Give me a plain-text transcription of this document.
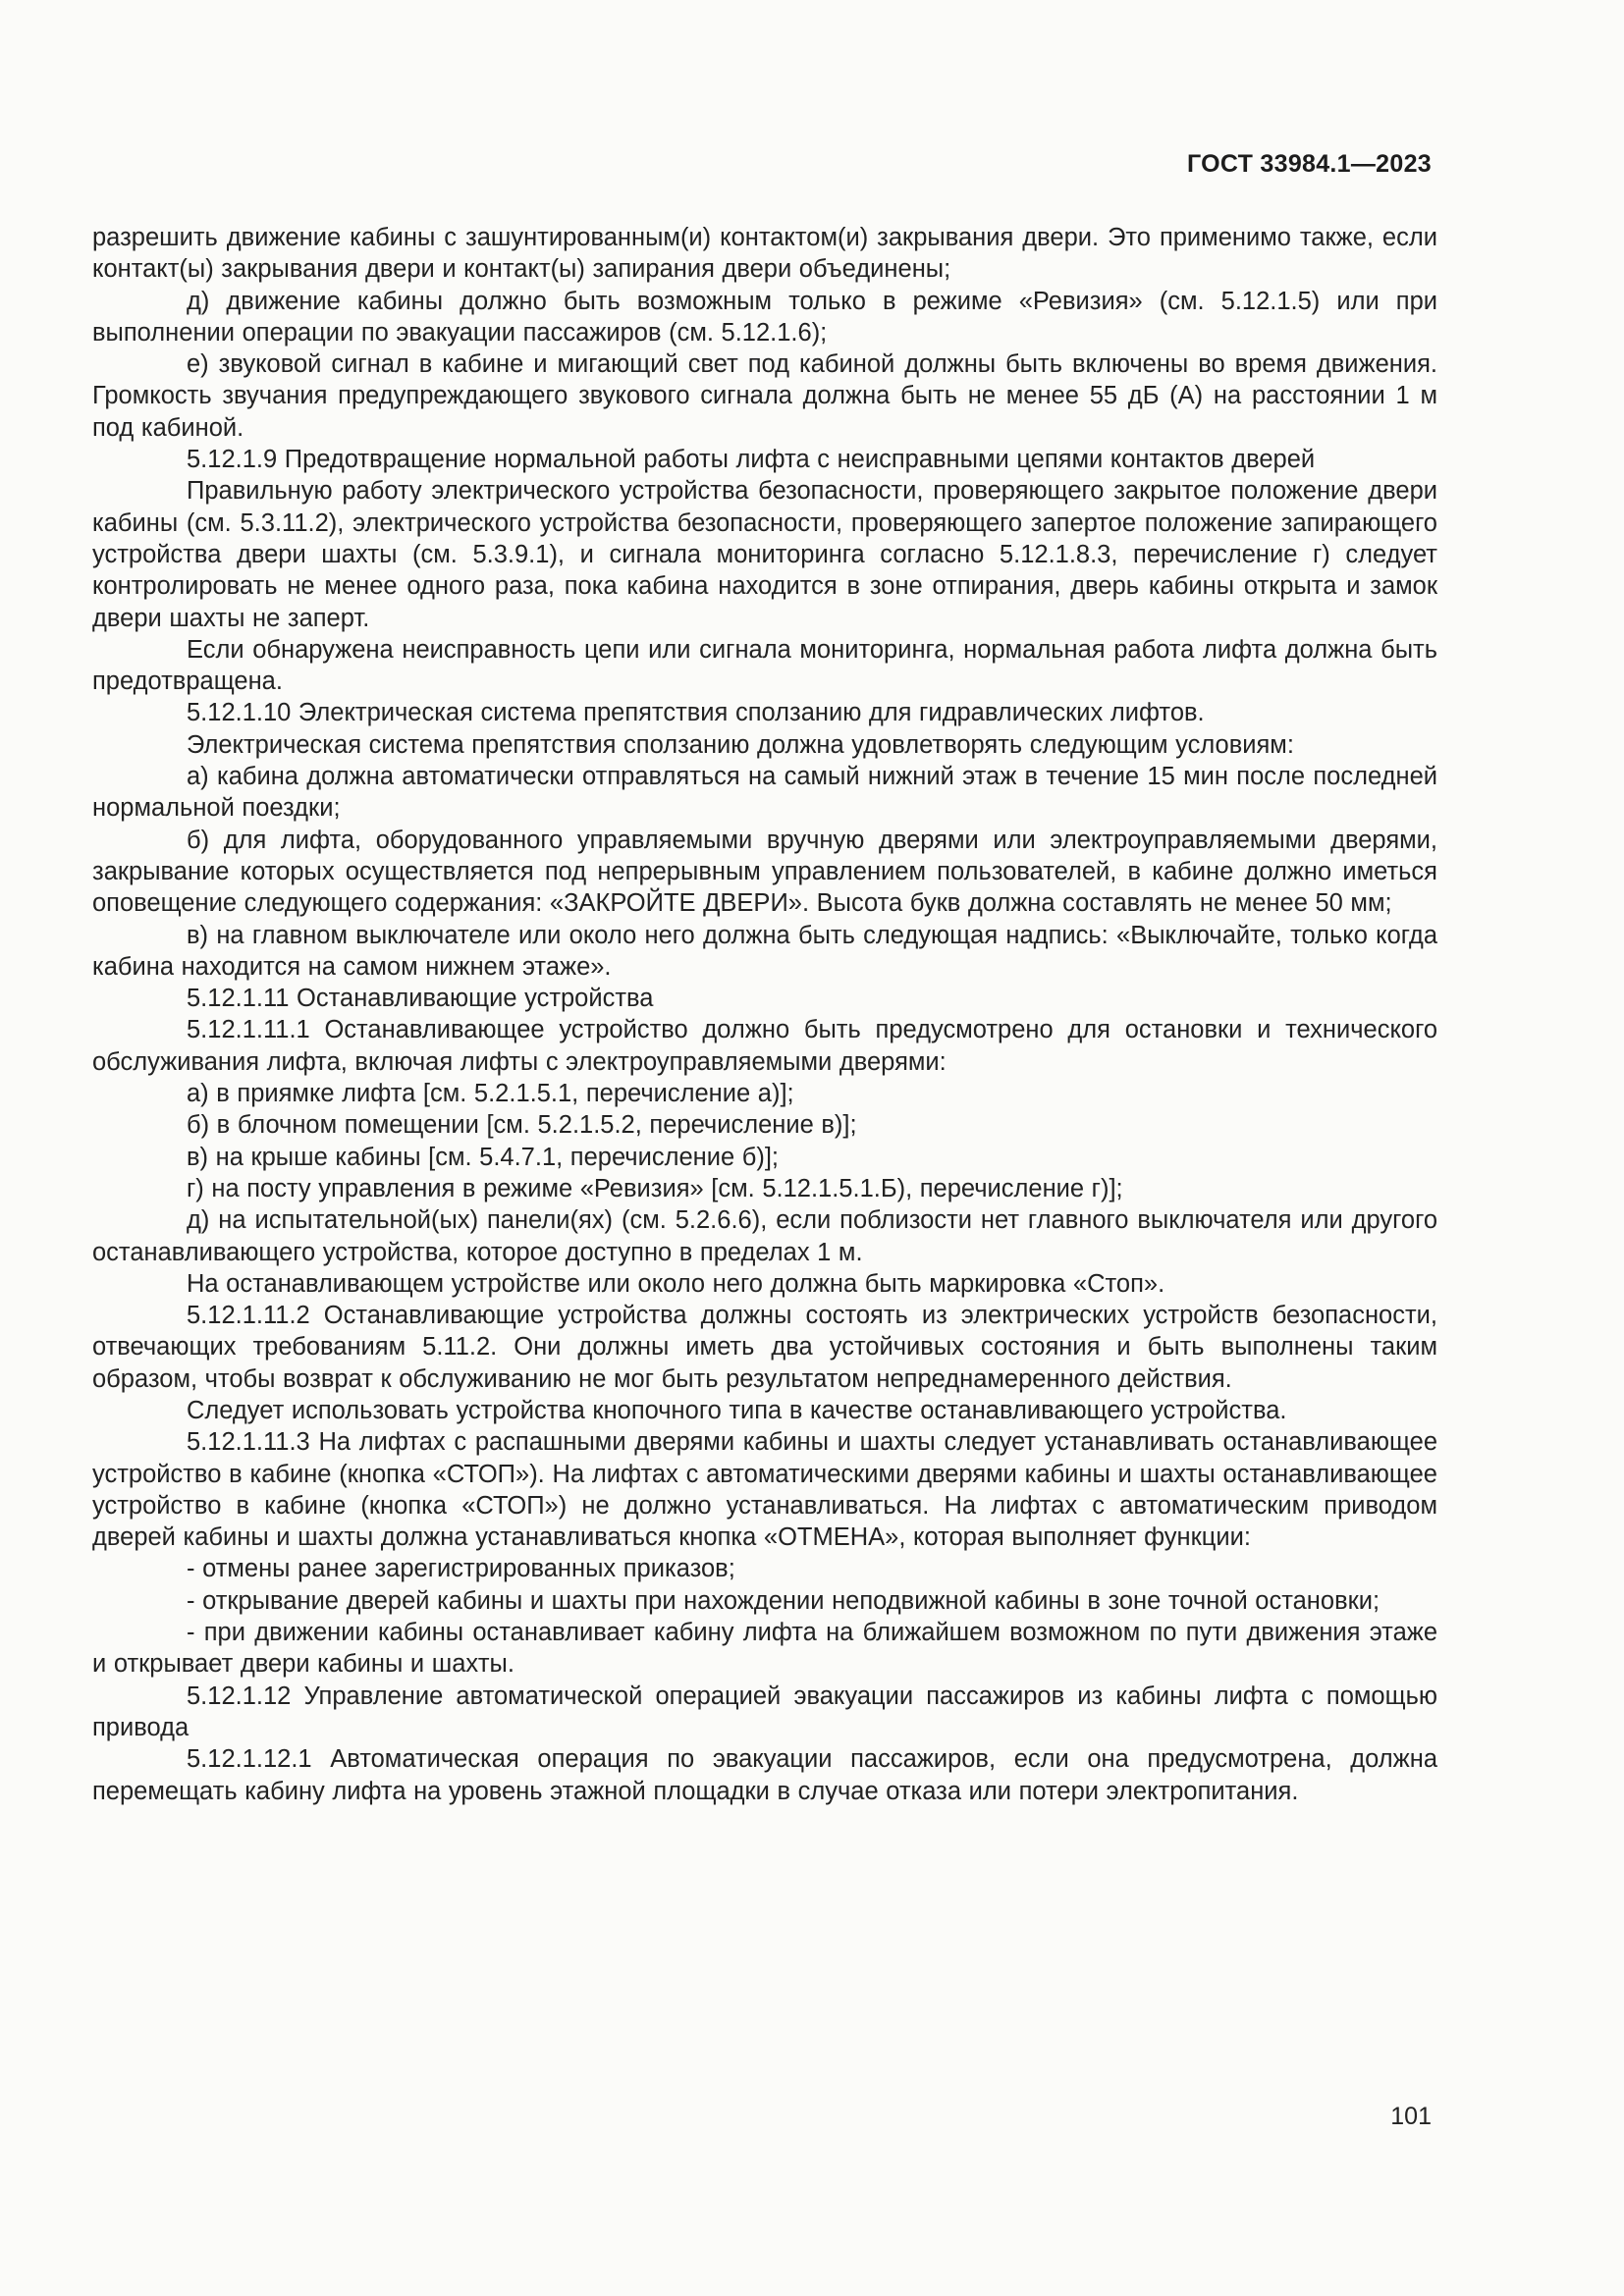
ГОСТ 33984.1—2023

разрешить движение кабины с зашунтированным(и) контактом(и) закрывания двери. Это применимо также, если контакт(ы) закрывания двери и контакт(ы) запирания двери объединены;

д) движение кабины должно быть возможным только в режиме «Ревизия» (см. 5.12.1.5) или при выполнении операции по эвакуации пассажиров (см. 5.12.1.6);

е) звуковой сигнал в кабине и мигающий свет под кабиной должны быть включены во время движения. Громкость звучания предупреждающего звукового сигнала должна быть не менее 55 дБ (А) на расстоянии 1 м под кабиной.

5.12.1.9 Предотвращение нормальной работы лифта с неисправными цепями контактов дверей

Правильную работу электрического устройства безопасности, проверяющего закрытое положение двери кабины (см. 5.3.11.2), электрического устройства безопасности, проверяющего запертое положение запирающего устройства двери шахты (см. 5.3.9.1), и сигнала мониторинга согласно 5.12.1.8.3, перечисление г) следует контролировать не менее одного раза, пока кабина находится в зоне отпирания, дверь кабины открыта и замок двери шахты не заперт.

Если обнаружена неисправность цепи или сигнала мониторинга, нормальная работа лифта должна быть предотвращена.

5.12.1.10 Электрическая система препятствия сползанию для гидравлических лифтов.

Электрическая система препятствия сползанию должна удовлетворять следующим условиям:

а) кабина должна автоматически отправляться на самый нижний этаж в течение 15 мин после последней нормальной поездки;

б) для лифта, оборудованного управляемыми вручную дверями или электроуправляемыми дверями, закрывание которых осуществляется под непрерывным управлением пользователей, в кабине должно иметься оповещение следующего содержания: «ЗАКРОЙТЕ ДВЕРИ». Высота букв должна составлять не менее 50 мм;

в) на главном выключателе или около него должна быть следующая надпись: «Выключайте, только когда кабина находится на самом нижнем этаже».

5.12.1.11 Останавливающие устройства

5.12.1.11.1 Останавливающее устройство должно быть предусмотрено для остановки и технического обслуживания лифта, включая лифты с электроуправляемыми дверями:

а) в приямке лифта [см. 5.2.1.5.1, перечисление а)];

б) в блочном помещении [см. 5.2.1.5.2, перечисление в)];

в) на крыше кабины [см. 5.4.7.1, перечисление б)];

г) на посту управления в режиме «Ревизия» [см. 5.12.1.5.1.Б), перечисление г)];

д) на испытательной(ых) панели(ях) (см. 5.2.6.6), если поблизости нет главного выключателя или другого останавливающего устройства, которое доступно в пределах 1 м.

На останавливающем устройстве или около него должна быть маркировка «Стоп».

5.12.1.11.2 Останавливающие устройства должны состоять из электрических устройств безопасности, отвечающих требованиям 5.11.2. Они должны иметь два устойчивых состояния и быть выполнены таким образом, чтобы возврат к обслуживанию не мог быть результатом непреднамеренного действия.

Следует использовать устройства кнопочного типа в качестве останавливающего устройства.

5.12.1.11.3 На лифтах с распашными дверями кабины и шахты следует устанавливать останавливающее устройство в кабине (кнопка «СТОП»). На лифтах с автоматическими дверями кабины и шахты останавливающее устройство в кабине (кнопка «СТОП») не должно устанавливаться. На лифтах с автоматическим приводом дверей кабины и шахты должна устанавливаться кнопка «ОТМЕНА», которая выполняет функции:

- отмены ранее зарегистрированных приказов;

- открывание дверей кабины и шахты при нахождении неподвижной кабины в зоне точной остановки;

- при движении кабины останавливает кабину лифта на ближайшем возможном по пути движения этаже и открывает двери кабины и шахты.

5.12.1.12 Управление автоматической операцией эвакуации пассажиров из кабины лифта с помощью привода

5.12.1.12.1 Автоматическая операция по эвакуации пассажиров, если она предусмотрена, должна перемещать кабину лифта на уровень этажной площадки в случае отказа или потери электропитания.

101
